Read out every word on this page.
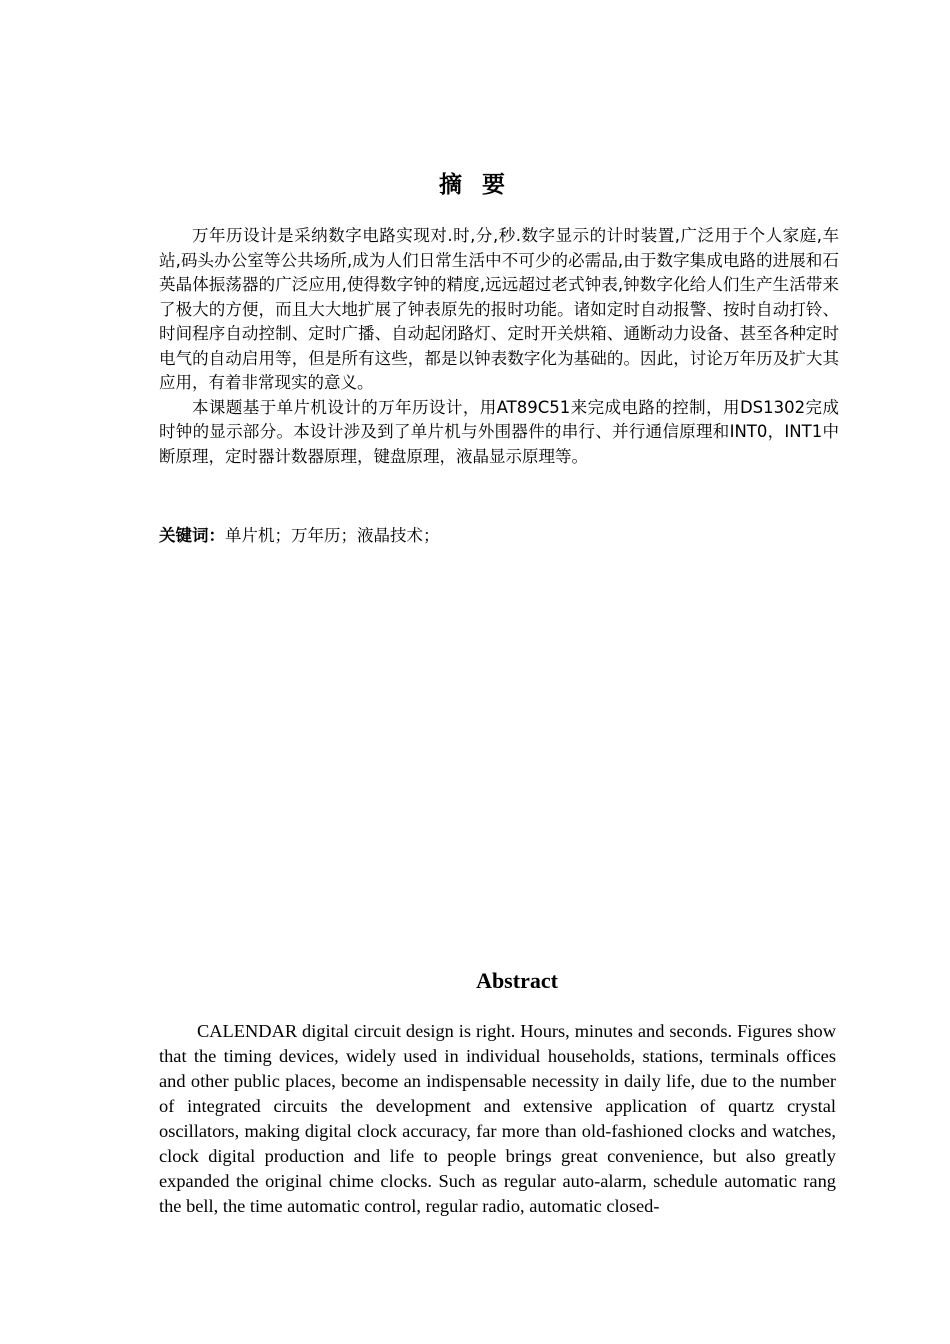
摘 要

万年历设计是采纳数字电路实现对.时,分,秒.数字显示的计时装置,广泛用于个人家庭,车站,码头办公室等公共场所,成为人们日常生活中不可少的必需品,由于数字集成电路的进展和石英晶体振荡器的广泛应用,使得数字钟的精度,远远超过老式钟表,钟数字化给人们生产生活带来了极大的方便，而且大大地扩展了钟表原先的报时功能。诸如定时自动报警、按时自动打铃、时间程序自动控制、定时广播、自动起闭路灯、定时开关烘箱、通断动力设备、甚至各种定时电气的自动启用等，但是所有这些，都是以钟表数字化为基础的。因此，讨论万年历及扩大其应用，有着非常现实的意义。

本课题基于单片机设计的万年历设计，用AT89C51来完成电路的控制，用DS1302完成时钟的显示部分。本设计涉及到了单片机与外围器件的串行、并行通信原理和INT0，INT1中断原理，定时器计数器原理，键盘原理，液晶显示原理等。

关键词：单片机；万年历；液晶技术；
Abstract

CALENDAR digital circuit design is right. Hours, minutes and seconds. Figures show that the timing devices, widely used in individual households, stations, terminals offices and other public places, become an indispensable necessity in daily life, due to the number of integrated circuits the development and extensive application of quartz crystal oscillators, making digital clock accuracy, far more than old-fashioned clocks and watches, clock digital production and life to people brings great convenience, but also greatly expanded the original chime clocks. Such as regular auto-alarm, schedule automatic rang the bell, the time automatic control, regular radio, automatic closed-
